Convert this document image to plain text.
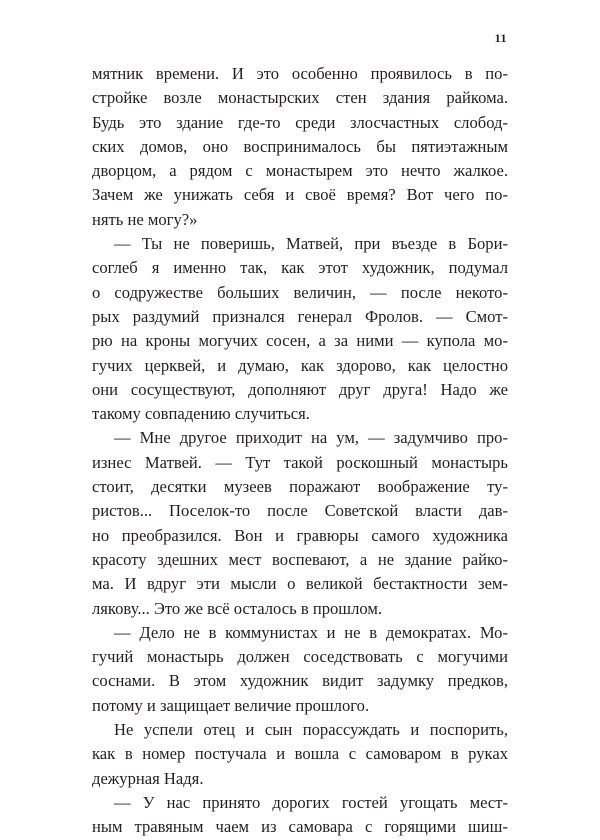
11
мятник времени. И это особенно проявилось в по-
стройке возле монастырских стен здания райкома.
Будь это здание где-то среди злосчастных слобод-
ских домов, оно воспринималось бы пятиэтажным
дворцом, а рядом с монастырем это нечто жалкое.
Зачем же унижать себя и своё время? Вот чего по-
нять не могу?»
— Ты не поверишь, Матвей, при въезде в Бори-
соглеб я именно так, как этот художник, подумал
о содружестве больших величин, — после некото-
рых раздумий признался генерал Фролов. — Смот-
рю на кроны могучих сосен, а за ними — купола мо-
гучих церквей, и думаю, как здорово, как целостно
они сосуществуют, дополняют друг друга! Надо же
такому совпадению случиться.
— Мне другое приходит на ум, — задумчиво про-
изнес Матвей. — Тут такой роскошный монастырь
стоит, десятки музеев поражают воображение ту-
ристов... Поселок-то после Советской власти дав-
но преобразился. Вон и гравюры самого художника
красоту здешних мест воспевают, а не здание райко-
ма. И вдруг эти мысли о великой бестактности зем-
лякову... Это же всё осталось в прошлом.
— Дело не в коммунистах и не в демократах. Мо-
гучий монастырь должен соседствовать с могучими
соснами. В этом художник видит задумку предков,
потому и защищает величие прошлого.
Не успели отец и сын порассуждать и поспорить,
как в номер постучала и вошла с самоваром в руках
дежурная Надя.
— У нас принято дорогих гостей угощать мест-
ным травяным чаем из самовара с горящими шиш-
